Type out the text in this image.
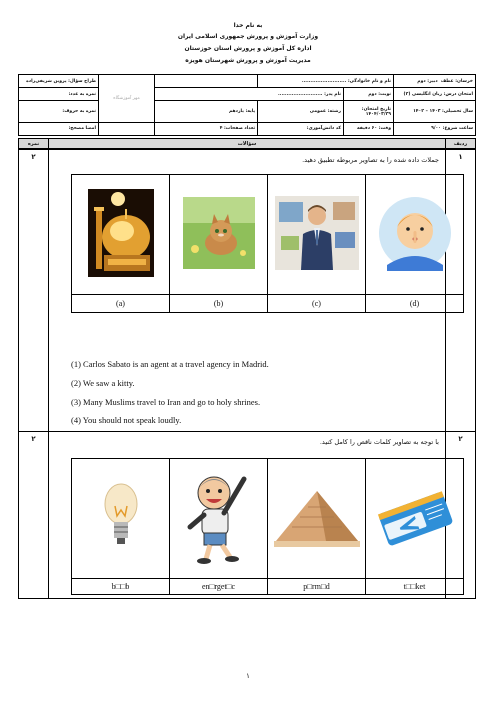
به نام خدا
وزارت آموزش و پرورش جمهوری اسلامی ایران
اداره کل آموزش و پرورش استان خوزستان
مدیریت آموزش و پرورش شهرستان هویزه
خرسان: عطف  دبیر: دوم	نام و نام خانوادگی: ..........................			مهر آموزشگاه	طراح سؤال: پروین شریفی‌زاده
امتحان درس: زبان انگلیسی (۲)	نوبت: دوم	نام پدر: ..........................			نمره به عدد:
سال تحصیلی: ۱۴۰۳ – ۱۴۰۲	تاریخ امتحان: ۱۴۰۴/۰۳/۲۹	رشته: عمومی	پایه: یازدهم		نمره به حروف:
ساعت شروع: ۹/۰۰	وقت: ۶۰ دقیقه	کد دانش‌آموزی:	تعداد صفحات: ۴		امضا مصحح:
ردیف	سؤالات	نمره
۱
۲	جملات داده شده را به تصاویر مربوطه تطبیق دهید.

(a)	(b)	(c)	(d)
(1) Carlos Sabato is an agent at a travel agency in Madrid.
(2) We saw a kitty.
(3) Many Muslims travel to Iran and go to holy shrines.
(4) You should not speak loudly.
۲
۲	با توجه به تصاویر کلمات ناقص را کامل کنید.

b□□b	en□rget□c	p□rm□d	t□□ket
۱
